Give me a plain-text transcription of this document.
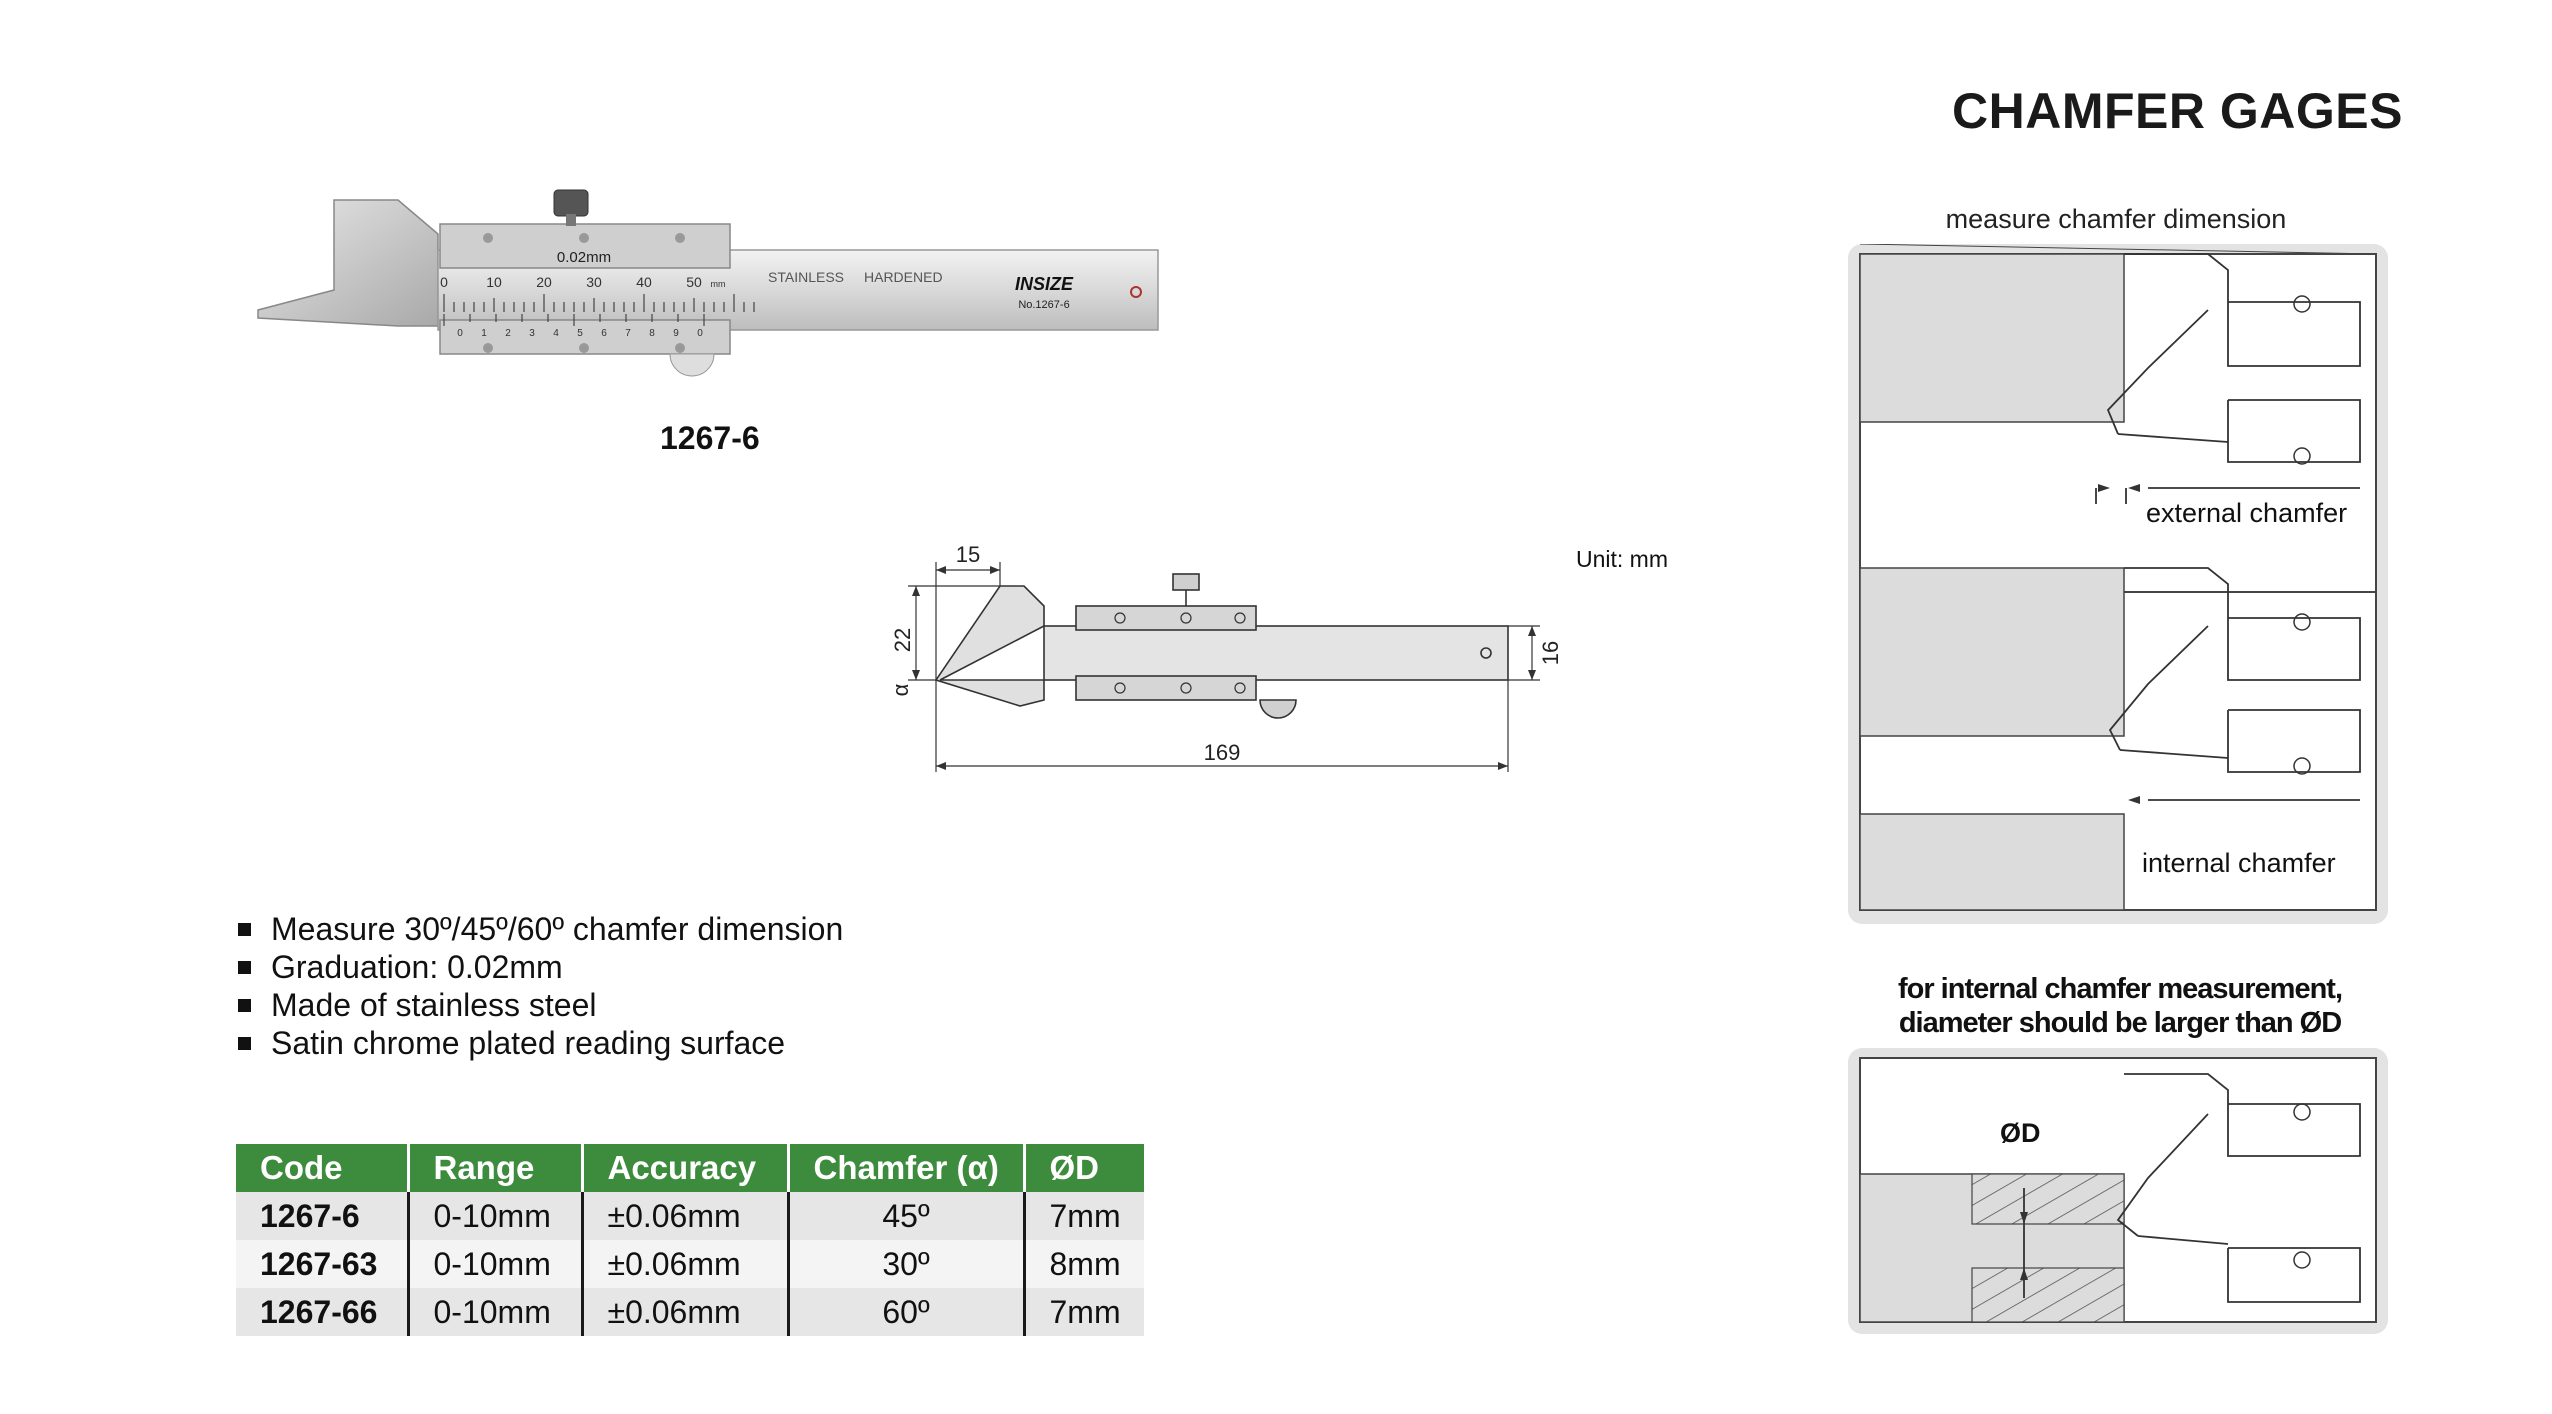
CHAMFER GAGES
0.02mm
0	10 20 30 40 50 mm
0 1 2 3 4 5 6 7 8 9 0
STAINLESS HARDENED	INSIZE
No.1267-6
1267-6
Unit: mm
15
22
α
16
169
Measure 30º/45º/60º chamfer dimension
Graduation: 0.02mm
Made of stainless steel
Satin chrome plated reading surface
Code	Range	Accuracy	Chamfer (α)	ØD
1267-6	0-10mm	±0.06mm	45º	7mm
1267-63	0-10mm	±0.06mm	30º	8mm
1267-66	0-10mm	±0.06mm	60º	7mm
measure chamfer dimension
external chamfer
internal chamfer
for internal chamfer measurement,
diameter should be larger than ØD
ØD
